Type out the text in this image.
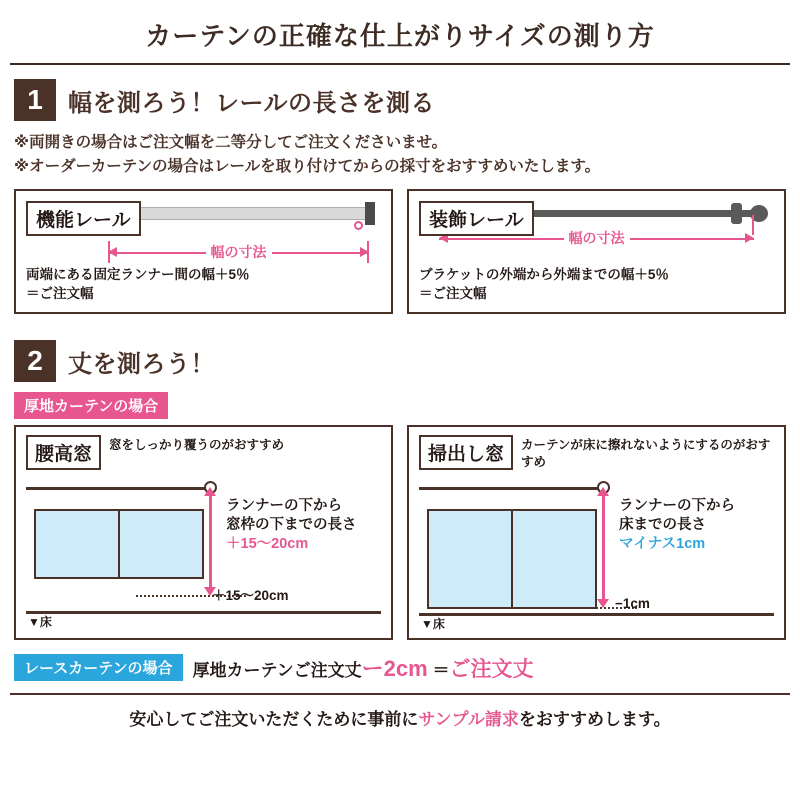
カーテンの正確な仕上がりサイズの測り方
1	幅を測ろう！レールの長さを測る
※両開きの場合はご注文幅を二等分してご注文くださいませ。
※オーダーカーテンの場合はレールを取り付けてからの採寸をおすすめいたします。
機能レール
幅の寸法
両端にある固定ランナー間の幅＋5％
＝ご注文幅
装飾レール
幅の寸法
ブラケットの外端から外端までの幅＋5％
＝ご注文幅
2	丈を測ろう！
厚地カーテンの場合
腰高窓	窓をしっかり覆うのがおすすめ
＋15〜20cm
ランナーの下から
窓枠の下までの長さ
＋15〜20cm
▼床
掃出し窓	カーテンが床に擦れないようにするのがおすすめ
−1cm
ランナーの下から
床までの長さ
マイナス1cm
▼床
レースカーテンの場合	厚地カーテンご注文丈ー2cm ＝ご注文丈
安心してご注文いただくために事前にサンプル請求をおすすめします。
